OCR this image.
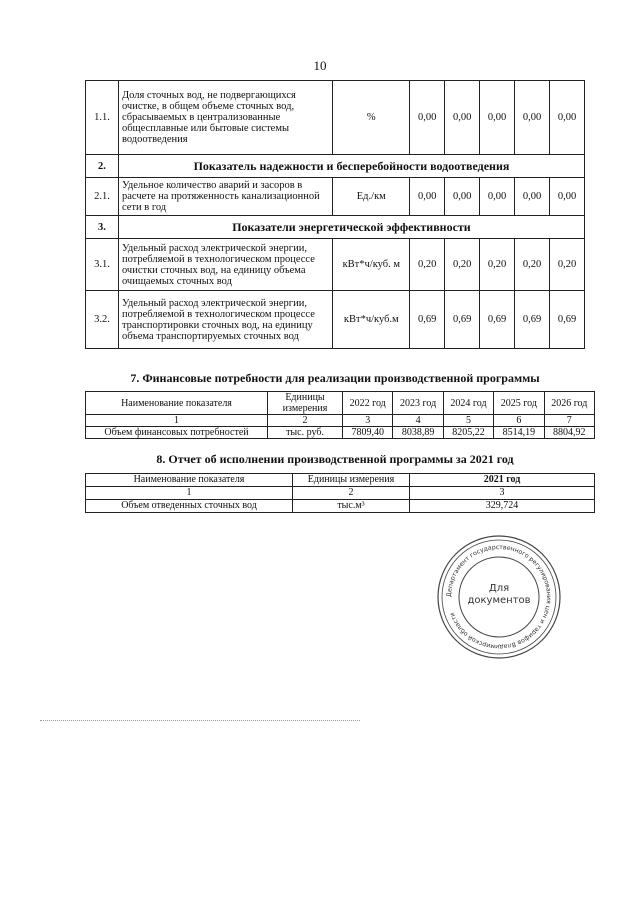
10
1.1.	Доля сточных вод, не подвергающихся очистке, в общем объеме сточных вод, сбрасываемых в централизованные общесплавные или бытовые системы водоотведения	%	0,00	0,00	0,00	0,00	0,00
2.	Показатель надежности и бесперебойности водоотведения						
2.1.	Удельное количество аварий и засоров в расчете на протяженность канализационной сети в год	Ед./км	0,00	0,00	0,00	0,00	0,00
3.	Показатели энергетической эффективности						
3.1.	Удельный расход электрической энергии, потребляемой в технологическом процессе очистки сточных вод, на единицу объема очищаемых сточных вод	кВт*ч/куб. м	0,20	0,20	0,20	0,20	0,20
3.2.	Удельный расход электрической энергии, потребляемой в технологическом процессе транспортировки сточных вод, на единицу объема транспортируемых сточных вод	кВт*ч/куб.м	0,69	0,69	0,69	0,69	0,69
7. Финансовые потребности для реализации производственной программы
Наименование показателя	Единицы измерения	2022 год	2023 год	2024 год	2025 год	2026 год
1	2	3	4	5	6	7
Объем финансовых потребностей	тыс. руб.	7809,40	8038,89	8205,22	8514,19	8804,92
8. Отчет об исполнении производственной программы за 2021 год
Наименование показателя	Единицы измерения	2021 год
1	2	3
Объем отведенных сточных вод	тыс.м³	329,724
Департамент государственного регулирования цен и тарифов Владимирской области
Для
документов
